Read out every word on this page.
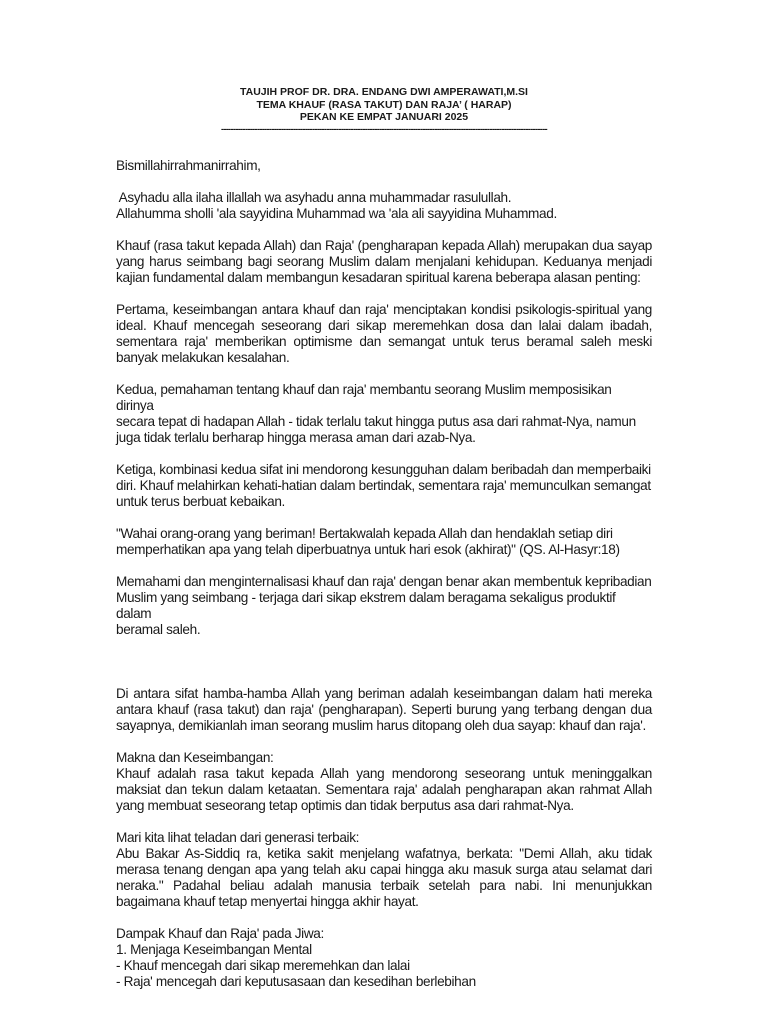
TAUJIH PROF DR. DRA. ENDANG DWI AMPERAWATI,M.SI
TEMA KHAUF (RASA TAKUT) DAN RAJA’ ( HARAP)
PEKAN KE EMPAT JANUARI 2025
----------------------------------------------------------------------------------------------------------------------------------------

Bismillahirrahmanirrahim,

Asyhadu alla ilaha illallah wa asyhadu anna muhammadar rasulullah.

Allahumma sholli 'ala sayyidina Muhammad wa 'ala ali sayyidina Muhammad.

Khauf (rasa takut kepada Allah) dan Raja' (pengharapan kepada Allah) merupakan dua sayap yang harus seimbang bagi seorang Muslim dalam menjalani kehidupan. Keduanya menjadi kajian fundamental dalam membangun kesadaran spiritual karena beberapa alasan penting:

Pertama, keseimbangan antara khauf dan raja' menciptakan kondisi psikologis-spiritual yang ideal. Khauf mencegah seseorang dari sikap meremehkan dosa dan lalai dalam ibadah, sementara raja' memberikan optimisme dan semangat untuk terus beramal saleh meski banyak melakukan kesalahan.

Kedua, pemahaman tentang khauf dan raja' membantu seorang Muslim memposisikan dirinya

secara tepat di hadapan Allah - tidak terlalu takut hingga putus asa dari rahmat-Nya, namun

juga tidak terlalu berharap hingga merasa aman dari azab-Nya.

Ketiga, kombinasi kedua sifat ini mendorong kesungguhan dalam beribadah dan memperbaiki

diri. Khauf melahirkan kehati-hatian dalam bertindak, sementara raja' memunculkan semangat

untuk terus berbuat kebaikan.

"Wahai orang-orang yang beriman! Bertakwalah kepada Allah dan hendaklah setiap diri

memperhatikan apa yang telah diperbuatnya untuk hari esok (akhirat)" (QS. Al-Hasyr:18)

Memahami dan menginternalisasi khauf dan raja' dengan benar akan membentuk kepribadian

Muslim yang seimbang - terjaga dari sikap ekstrem dalam beragama sekaligus produktif dalam

beramal saleh.

Di antara sifat hamba-hamba Allah yang beriman adalah keseimbangan dalam hati mereka antara khauf (rasa takut) dan raja' (pengharapan). Seperti burung yang terbang dengan dua sayapnya, demikianlah iman seorang muslim harus ditopang oleh dua sayap: khauf dan raja'.

Makna dan Keseimbangan:

Khauf adalah rasa takut kepada Allah yang mendorong seseorang untuk meninggalkan maksiat dan tekun dalam ketaatan. Sementara raja' adalah pengharapan akan rahmat Allah yang membuat seseorang tetap optimis dan tidak berputus asa dari rahmat-Nya.

Mari kita lihat teladan dari generasi terbaik:

Abu Bakar As-Siddiq ra, ketika sakit menjelang wafatnya, berkata: "Demi Allah, aku tidak merasa tenang dengan apa yang telah aku capai hingga aku masuk surga atau selamat dari neraka." Padahal beliau adalah manusia terbaik setelah para nabi. Ini menunjukkan bagaimana khauf tetap menyertai hingga akhir hayat.

Dampak Khauf dan Raja' pada Jiwa:

1. Menjaga Keseimbangan Mental

- Khauf mencegah dari sikap meremehkan dan lalai

- Raja' mencegah dari keputusasaan dan kesedihan berlebihan
